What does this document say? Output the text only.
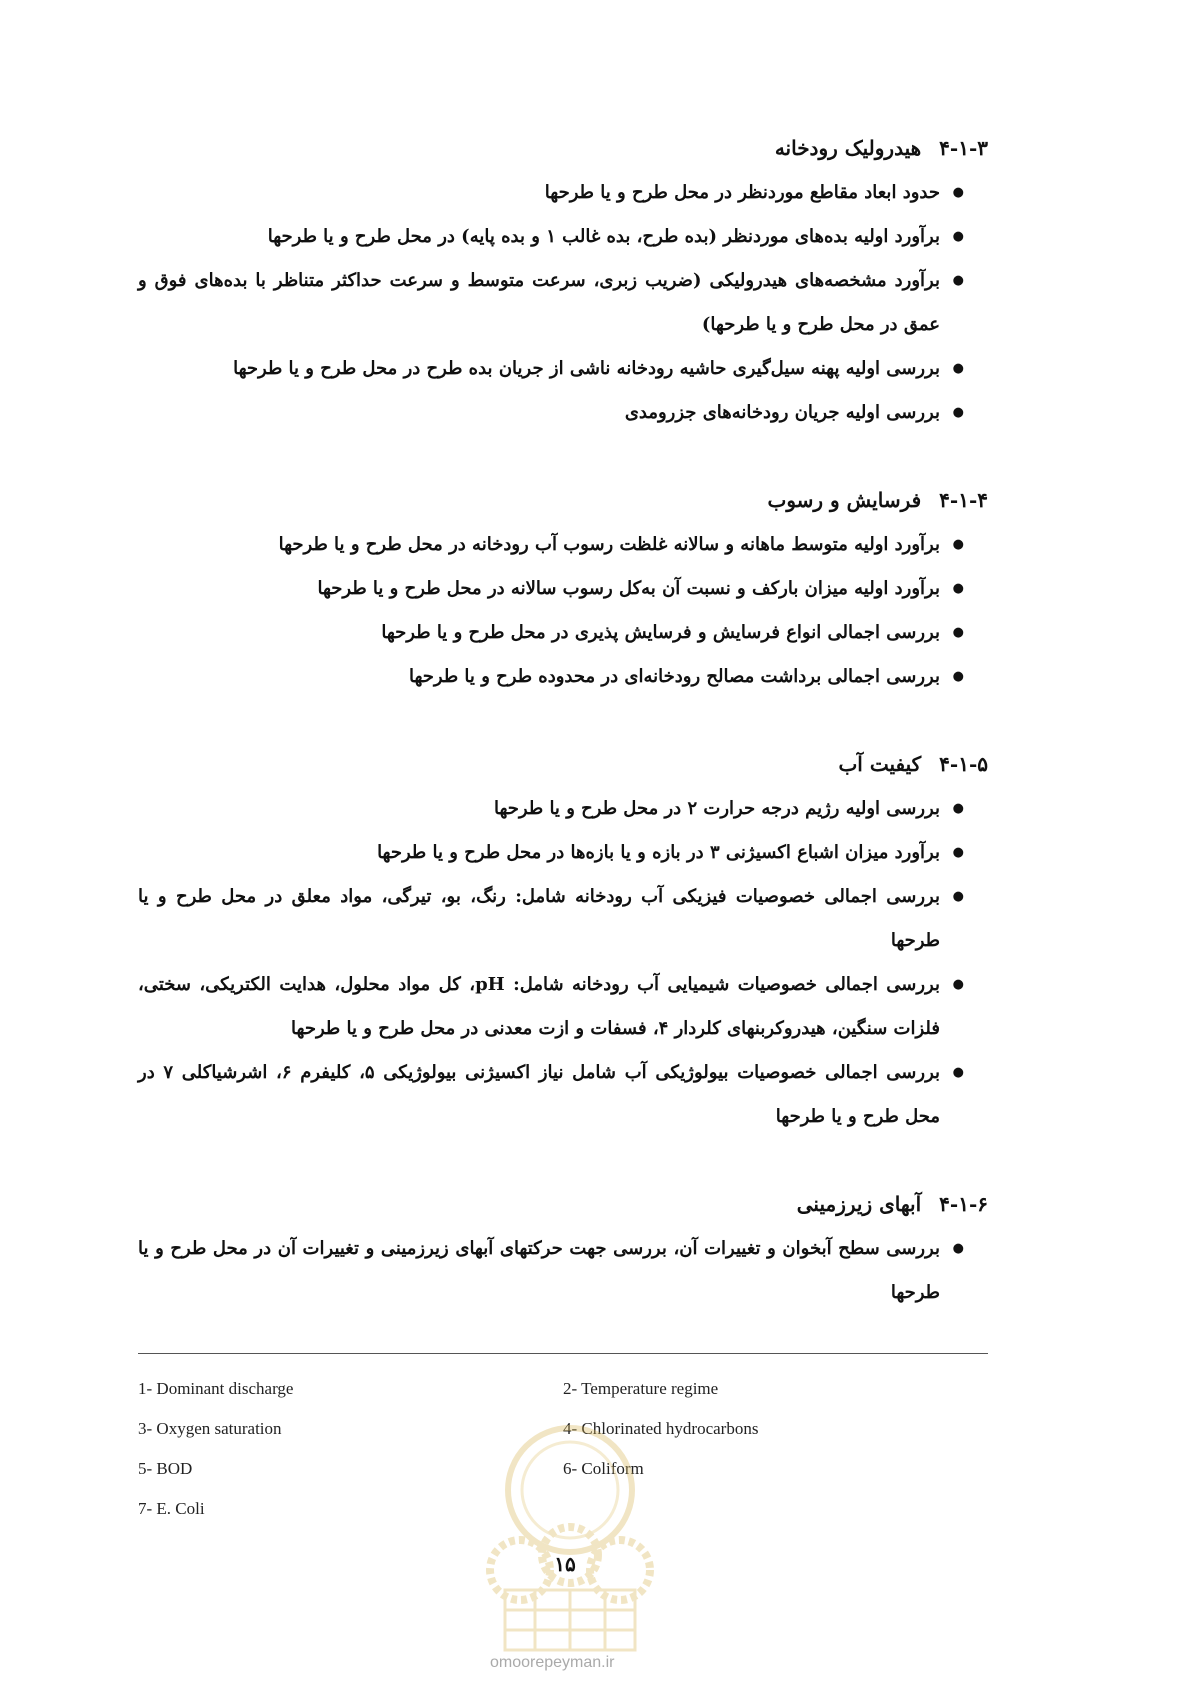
۴-۱-۳هیدرولیک رودخانه
● حدود ابعاد مقاطع موردنظر در محل طرح و یا طرحها
● برآورد اولیه بده‌های موردنظر (بده طرح، بده غالب ۱ و بده پایه) در محل طرح و یا طرحها
● برآورد مشخصه‌های هیدرولیکی (ضریب زبری، سرعت متوسط و سرعت حداکثر متناظر با بده‌های فوق و عمق در محل طرح و یا طرحها)
● بررسی اولیه پهنه سیل‌گیری حاشیه رودخانه ناشی از جریان بده طرح در محل طرح و یا طرحها
● بررسی اولیه جریان رودخانه‌های جزرومدی
۴-۱-۴فرسایش و رسوب
● برآورد اولیه متوسط ماهانه و سالانه غلظت رسوب آب رودخانه در محل طرح و یا طرحها
● برآورد اولیه میزان بارکف و نسبت آن به‌کل رسوب سالانه در محل طرح و یا طرحها
● بررسی اجمالی انواع فرسایش و فرسایش پذیری در محل طرح و یا طرحها
● بررسی اجمالی برداشت مصالح رودخانه‌ای در محدوده طرح و یا طرحها
۴-۱-۵کیفیت آب
● بررسی اولیه رژیم درجه حرارت ۲ در محل طرح و یا طرحها
● برآورد میزان اشباع اکسیژنی ۳ در بازه و یا بازه‌ها در محل طرح و یا طرحها
● بررسی اجمالی خصوصیات فیزیکی آب رودخانه شامل: رنگ، بو، تیرگی، مواد معلق در محل طرح و یا طرحها
● بررسی اجمالی خصوصیات شیمیایی آب رودخانه شامل: pH، کل مواد محلول، هدایت الکتریکی، سختی، فلزات سنگین، هیدروکربنهای کلردار ۴، فسفات و ازت معدنی در محل طرح و یا طرحها
● بررسی اجمالی خصوصیات بیولوژیکی آب شامل نیاز اکسیژنی بیولوژیکی ۵، کلیفرم ۶، اشرشیاکلی ۷ در محل طرح و یا طرحها
۴-۱-۶آبهای زیرزمینی
● بررسی سطح آبخوان و تغییرات آن، بررسی جهت حرکتهای آبهای زیرزمینی و تغییرات آن در محل طرح و یا طرحها
1- Dominant discharge	2- Temperature regime
3- Oxygen saturation	4- Chlorinated hydrocarbons
5- BOD	6- Coliform
7- E. Coli
۱۵
omoorepeyman.ir
